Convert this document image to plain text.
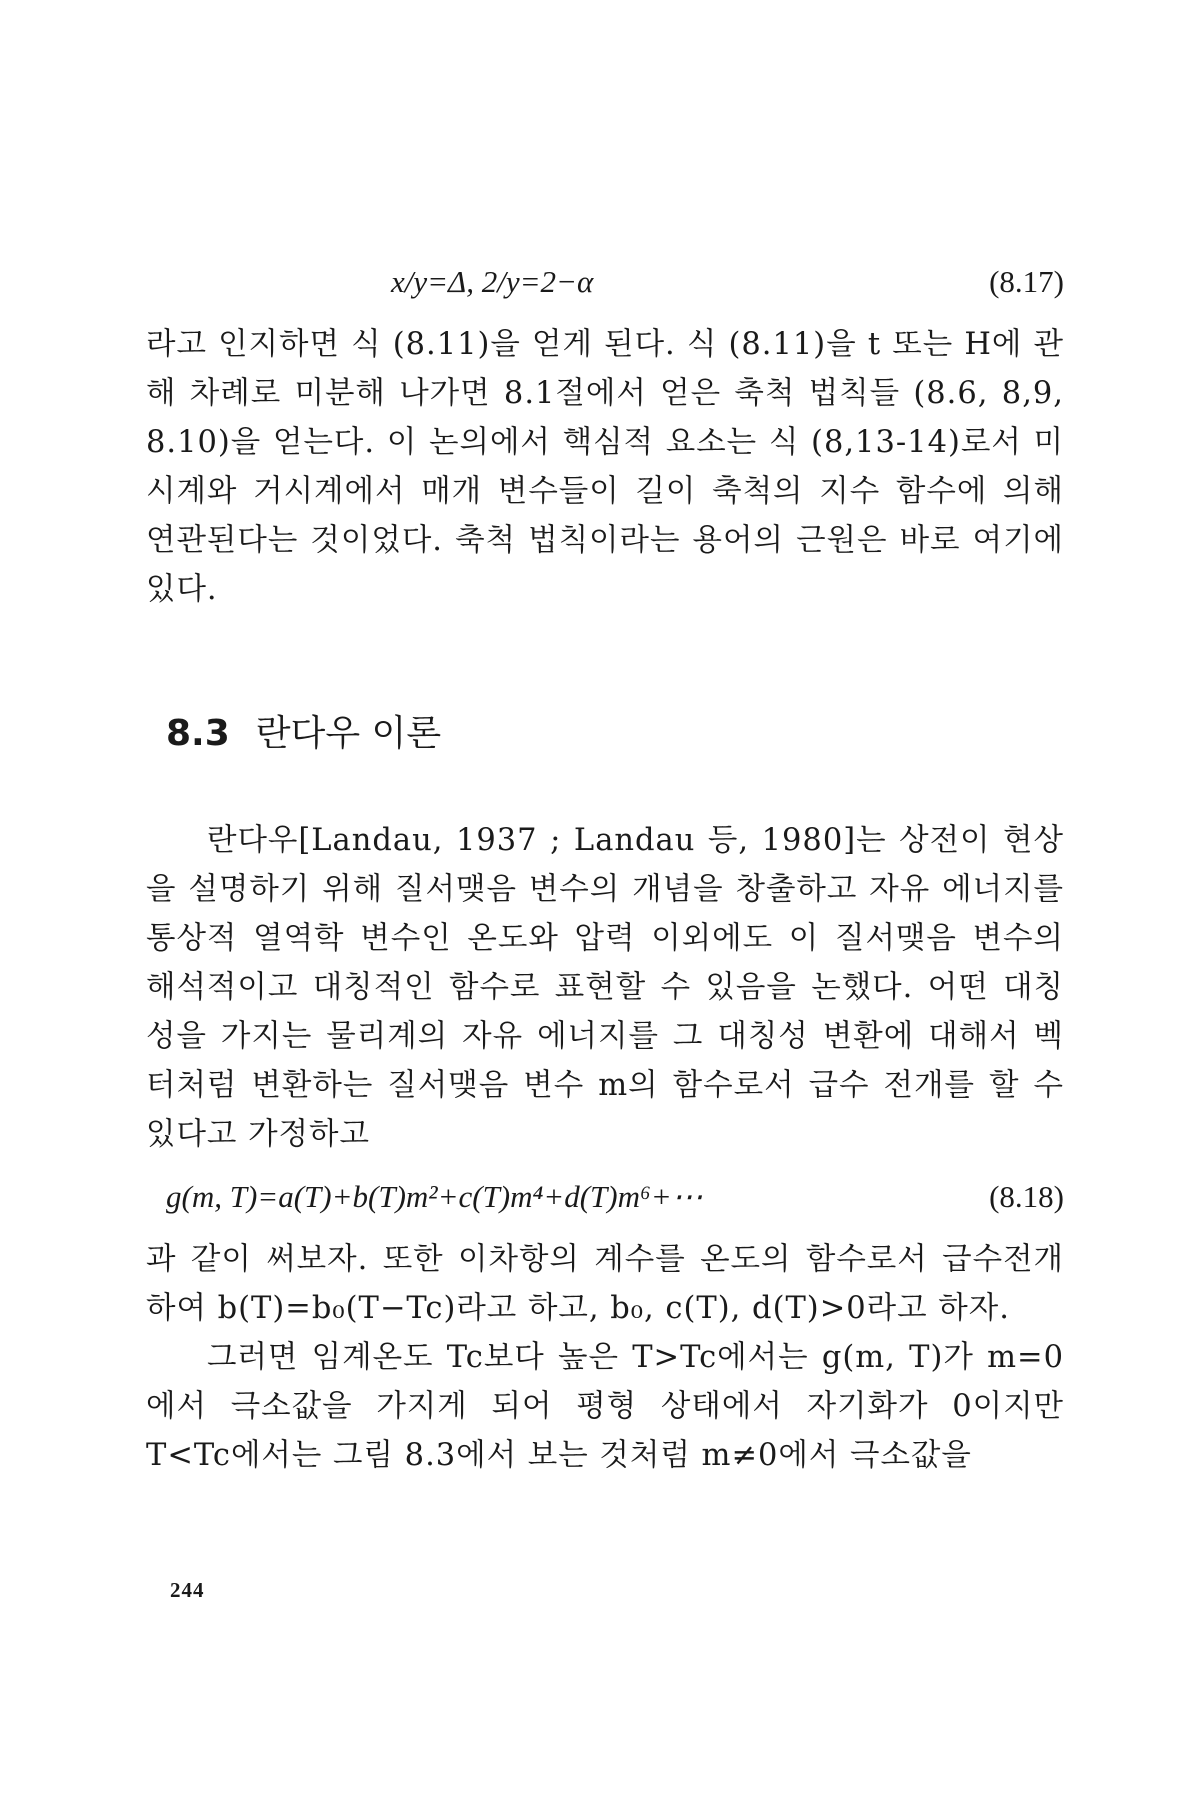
x/y=Δ, 2/y=2−α	(8.17)

라고 인지하면 식 (8.11)을 얻게 된다. 식 (8.11)을 t 또는 H에 관해 차례로 미분해 나가면 8.1절에서 얻은 축척 법칙들 (8.6, 8,9, 8.10)을 얻는다. 이 논의에서 핵심적 요소는 식 (8,13-14)로서 미시계와 거시계에서 매개 변수들이 길이 축척의 지수 함수에 의해 연관된다는 것이었다. 축척 법칙이라는 용어의 근원은 바로 여기에 있다.

8.3 란다우 이론

란다우[Landau, 1937 ; Landau 등, 1980]는 상전이 현상을 설명하기 위해 질서맺음 변수의 개념을 창출하고 자유 에너지를 통상적 열역학 변수인 온도와 압력 이외에도 이 질서맺음 변수의 해석적이고 대칭적인 함수로 표현할 수 있음을 논했다. 어떤 대칭성을 가지는 물리계의 자유 에너지를 그 대칭성 변환에 대해서 벡터처럼 변환하는 질서맺음 변수 m의 함수로서 급수 전개를 할 수 있다고 가정하고

g(m, T)=a(T)+b(T)m²+c(T)m⁴+d(T)m⁶+⋯	(8.18)

과 같이 써보자. 또한 이차항의 계수를 온도의 함수로서 급수전개하여 b(T)=b₀(T−Tc)라고 하고, b₀, c(T), d(T)>0라고 하자.

그러면 임계온도 Tc보다 높은 T>Tc에서는 g(m, T)가 m=0에서 극소값을 가지게 되어 평형 상태에서 자기화가 0이지만 T<Tc에서는 그림 8.3에서 보는 것처럼 m≠0에서 극소값을

244
